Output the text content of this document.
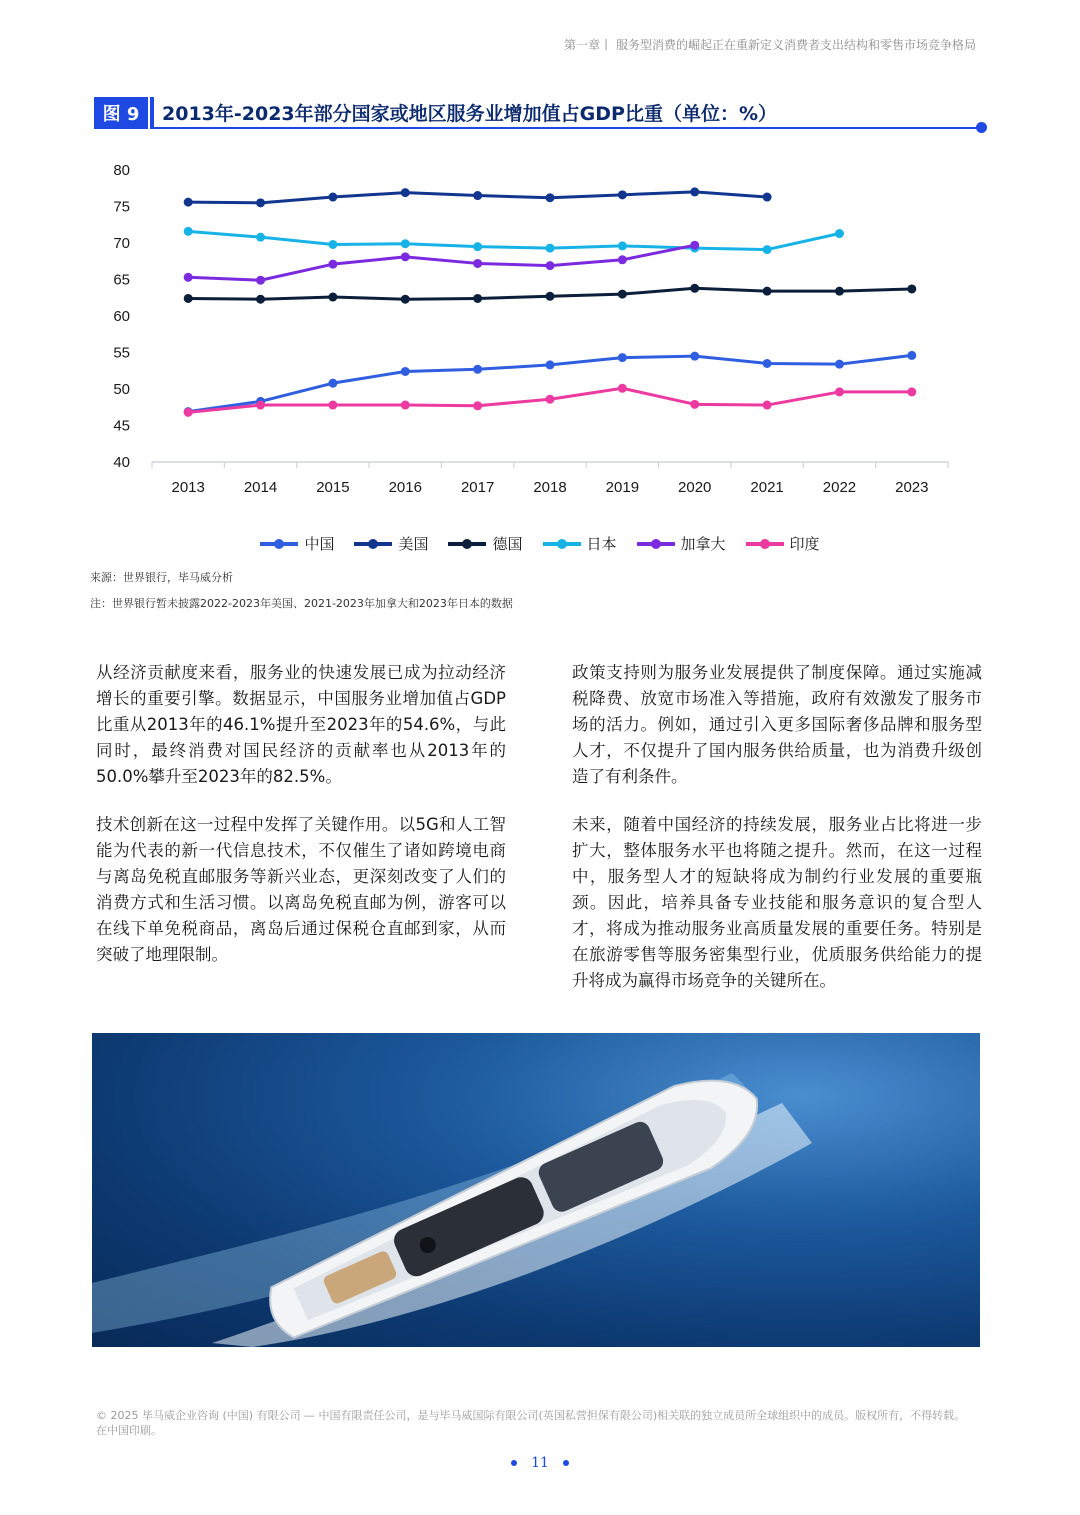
第一章丨 服务型消费的崛起正在重新定义消费者支出结构和零售市场竞争格局
图 9	2013年-2023年部分国家或地区服务业增加值占GDP比重（单位：%）
2013	2014	2015	2016	2017	2018	2019	2020	2021	2022	2023
40
45
50
55
60
65
70
75
80
中国	美国	德国	日本	加拿大	印度
来源：世界银行，毕马威分析
注：世界银行暂未披露2022-2023年美国、2021-2023年加拿大和2023年日本的数据

从经济贡献度来看，服务业的快速发展已成为拉动经济增长的重要引擎。数据显示，中国服务业增加值占GDP比重从2013年的46.1%提升至2023年的54.6%，与此同时，最终消费对国民经济的贡献率也从2013年的50.0%攀升至2023年的82.5%。

技术创新在这一过程中发挥了关键作用。以5G和人工智能为代表的新一代信息技术，不仅催生了诸如跨境电商与离岛免税直邮服务等新兴业态，更深刻改变了人们的消费方式和生活习惯。以离岛免税直邮为例，游客可以在线下单免税商品，离岛后通过保税仓直邮到家，从而突破了地理限制。

政策支持则为服务业发展提供了制度保障。通过实施减税降费、放宽市场准入等措施，政府有效激发了服务市场的活力。例如，通过引入更多国际奢侈品牌和服务型人才，不仅提升了国内服务供给质量，也为消费升级创造了有利条件。

未来，随着中国经济的持续发展，服务业占比将进一步扩大，整体服务水平也将随之提升。然而，在这一过程中，服务型人才的短缺将成为制约行业发展的重要瓶颈。因此，培养具备专业技能和服务意识的复合型人才，将成为推动服务业高质量发展的重要任务。特别是在旅游零售等服务密集型行业，优质服务供给能力的提升将成为赢得市场竞争的关键所在。

© 2025 毕马威企业咨询 (中国) 有限公司 — 中国有限责任公司，是与毕马威国际有限公司(英国私营担保有限公司)相关联的独立成员所全球组织中的成员。版权所有，不得转载。在中国印刷。
11
